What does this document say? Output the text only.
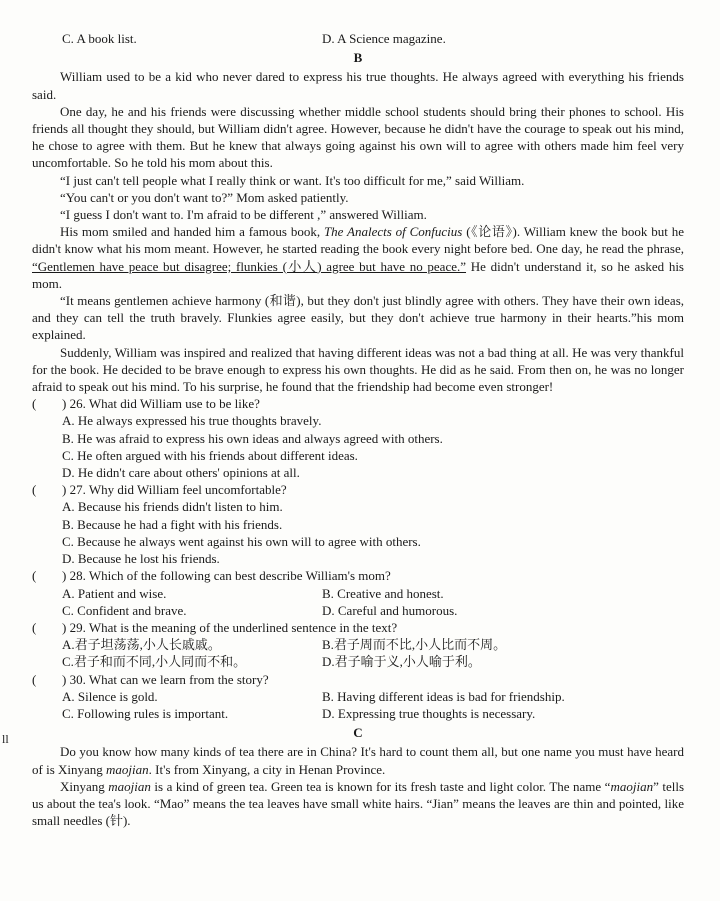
ll
C. A book list.	D. A Science magazine.
B

William used to be a kid who never dared to express his true thoughts. He always agreed with everything his friends said.

One day, he and his friends were discussing whether middle school students should bring their phones to school. His friends all thought they should, but William didn't agree. However, because he didn't have the courage to speak out his mind, he chose to agree with them. But he knew that always going against his own will to agree with others made him feel very uncomfortable. So he told his mom about this.

“I just can't tell people what I really think or want. It's too difficult for me,” said William.

“You can't or you don't want to?” Mom asked patiently.

“I guess I don't want to. I'm afraid to be different ,” answered William.

His mom smiled and handed him a famous book, The Analects of Confucius (《论语》). William knew the book but he didn't know what his mom meant. However, he started reading the book every night before bed. One day, he read the phrase, “Gentlemen have peace but disagree; flunkies (小人) agree but have no peace.” He didn't understand it, so he asked his mom.

“It means gentlemen achieve harmony (和谐), but they don't just blindly agree with others. They have their own ideas, and they can tell the truth bravely. Flunkies agree easily, but they don't achieve true harmony in their hearts.”his mom explained.

Suddenly, William was inspired and realized that having different ideas was not a bad thing at all. He was very thankful for the book. He decided to be brave enough to express his own thoughts. He did as he said. From then on, he was no longer afraid to speak out his mind. To his surprise, he found that the friendship had become even stronger!

(	) 26. What did William use to be like?
A. He always expressed his true thoughts bravely.
B. He was afraid to express his own ideas and always agreed with others.
C. He often argued with his friends about different ideas.
D. He didn't care about others' opinions at all.
(	) 27. Why did William feel uncomfortable?
A. Because his friends didn't listen to him.
B. Because he had a fight with his friends.
C. Because he always went against his own will to agree with others.
D. Because he lost his friends.
(	) 28. Which of the following can best describe William's mom?
A. Patient and wise.	B. Creative and honest.
C. Confident and brave.	D. Careful and humorous.
(	) 29. What is the meaning of the underlined sentence in the text?
A.君子坦荡荡,小人长戚戚。	B.君子周而不比,小人比而不周。
C.君子和而不同,小人同而不和。	D.君子喻于义,小人喻于利。
(	) 30. What can we learn from the story?
A. Silence is gold.	B. Having different ideas is bad for friendship.
C. Following rules is important.	D. Expressing true thoughts is necessary.
C

Do you know how many kinds of tea there are in China? It's hard to count them all, but one name you must have heard of is Xinyang maojian. It's from Xinyang, a city in Henan Province.

Xinyang maojian is a kind of green tea. Green tea is known for its fresh taste and light color. The name “maojian” tells us about the tea's look. “Mao” means the tea leaves have small white hairs. “Jian” means the leaves are thin and pointed, like small needles (针).
